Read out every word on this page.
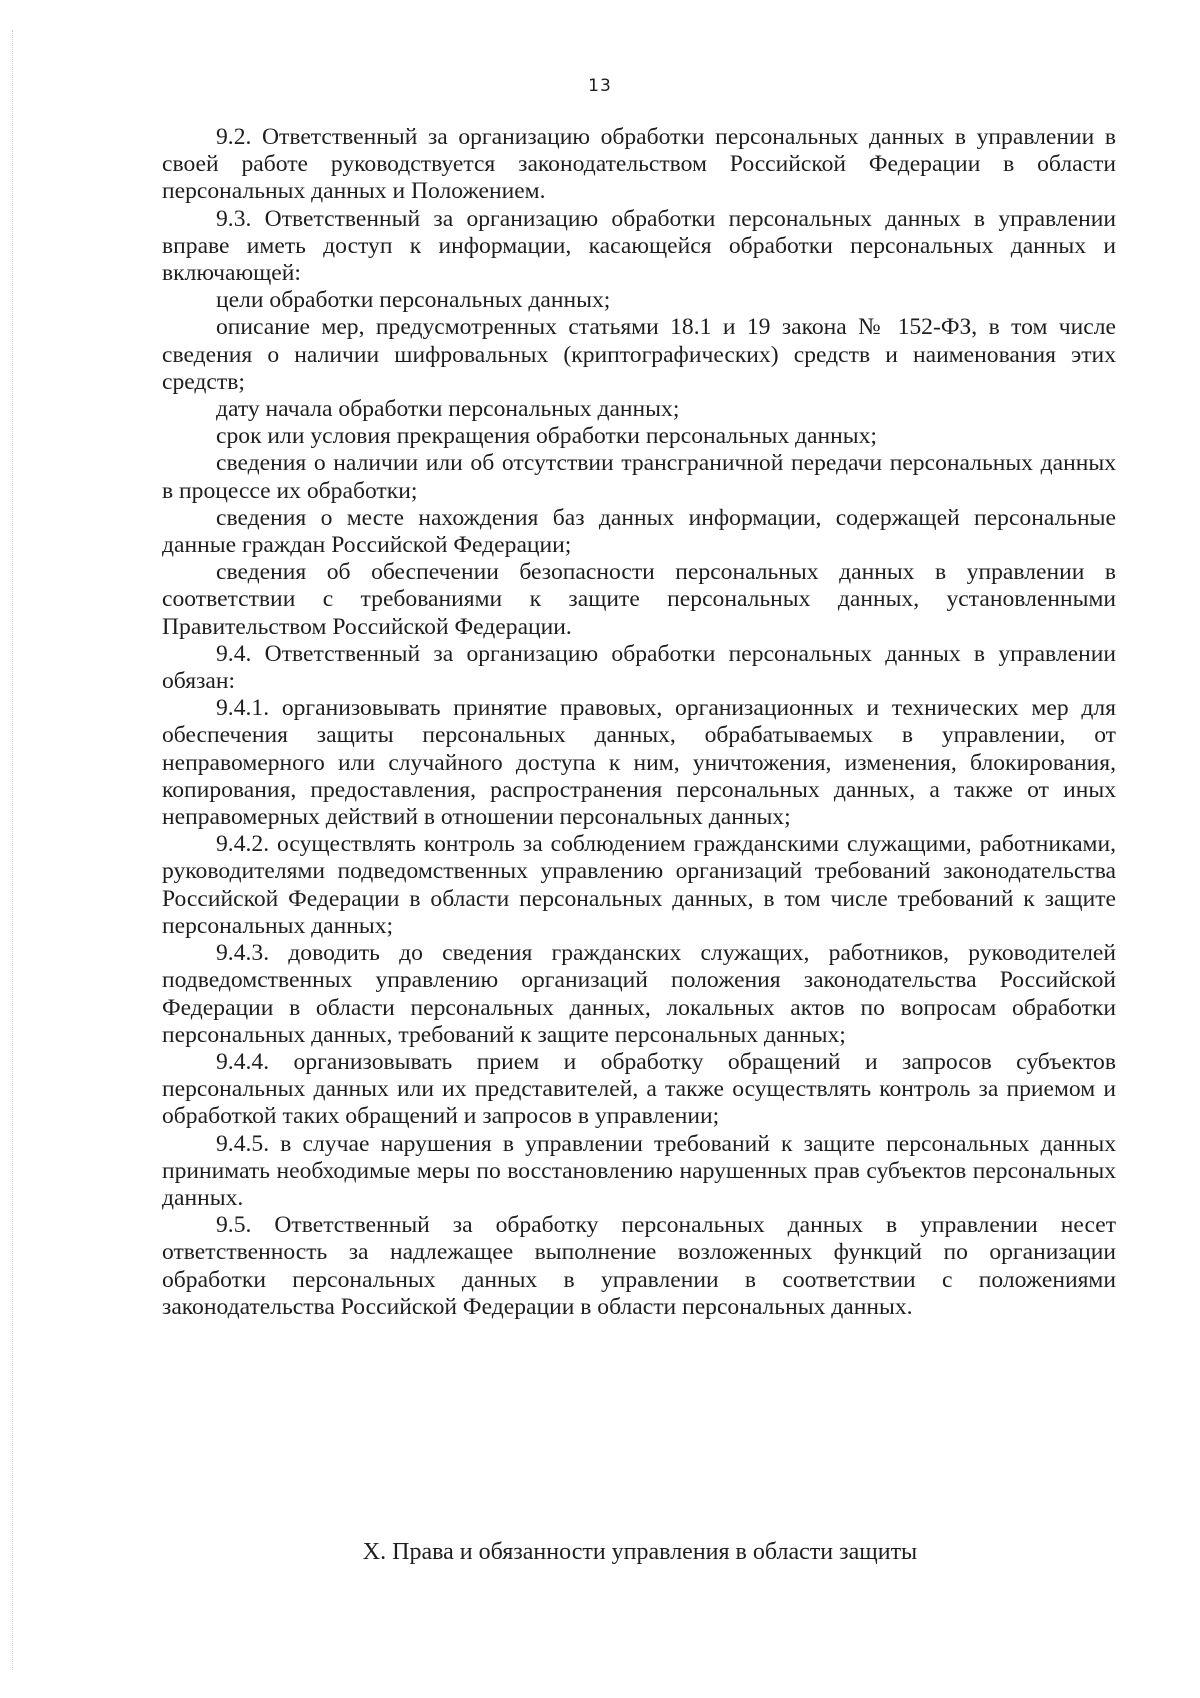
13

9.2. Ответственный за организацию обработки персональных данных в управлении в своей работе руководствуется законодательством Российской Федерации в области персональных данных и Положением.

9.3. Ответственный за организацию обработки персональных данных в управлении вправе иметь доступ к информации, касающейся обработки персональных данных и включающей:

цели обработки персональных данных;

описание мер, предусмотренных статьями 18.1 и 19 закона № 152-ФЗ, в том числе сведения о наличии шифровальных (криптографических) средств и наименования этих средств;

дату начала обработки персональных данных;

срок или условия прекращения обработки персональных данных;

сведения о наличии или об отсутствии трансграничной передачи персональных данных в процессе их обработки;

сведения о месте нахождения баз данных информации, содержащей персональные данные граждан Российской Федерации;

сведения об обеспечении безопасности персональных данных в управлении в соответствии с требованиями к защите персональных данных, установленными Правительством Российской Федерации.

9.4. Ответственный за организацию обработки персональных данных в управлении обязан:

9.4.1. организовывать принятие правовых, организационных и технических мер для обеспечения защиты персональных данных, обрабатываемых в управлении, от неправомерного или случайного доступа к ним, уничтожения, изменения, блокирования, копирования, предоставления, распространения персональных данных, а также от иных неправомерных действий в отношении персональных данных;

9.4.2. осуществлять контроль за соблюдением гражданскими служащими, работниками, руководителями подведомственных управлению организаций требований законодательства Российской Федерации в области персональных данных, в том числе требований к защите персональных данных;

9.4.3. доводить до сведения гражданских служащих, работников, руководителей подведомственных управлению организаций положения законодательства Российской Федерации в области персональных данных, локальных актов по вопросам обработки персональных данных, требований к защите персональных данных;

9.4.4. организовывать прием и обработку обращений и запросов субъектов персональных данных или их представителей, а также осуществлять контроль за приемом и обработкой таких обращений и запросов в управлении;

9.4.5. в случае нарушения в управлении требований к защите персональных данных принимать необходимые меры по восстановлению нарушенных прав субъектов персональных данных.

9.5. Ответственный за обработку персональных данных в управлении несет ответственность за надлежащее выполнение возложенных функций по организации обработки персональных данных в управлении в соответствии с положениями законодательства Российской Федерации в области персональных данных.

X. Права и обязанности управления в области защиты
